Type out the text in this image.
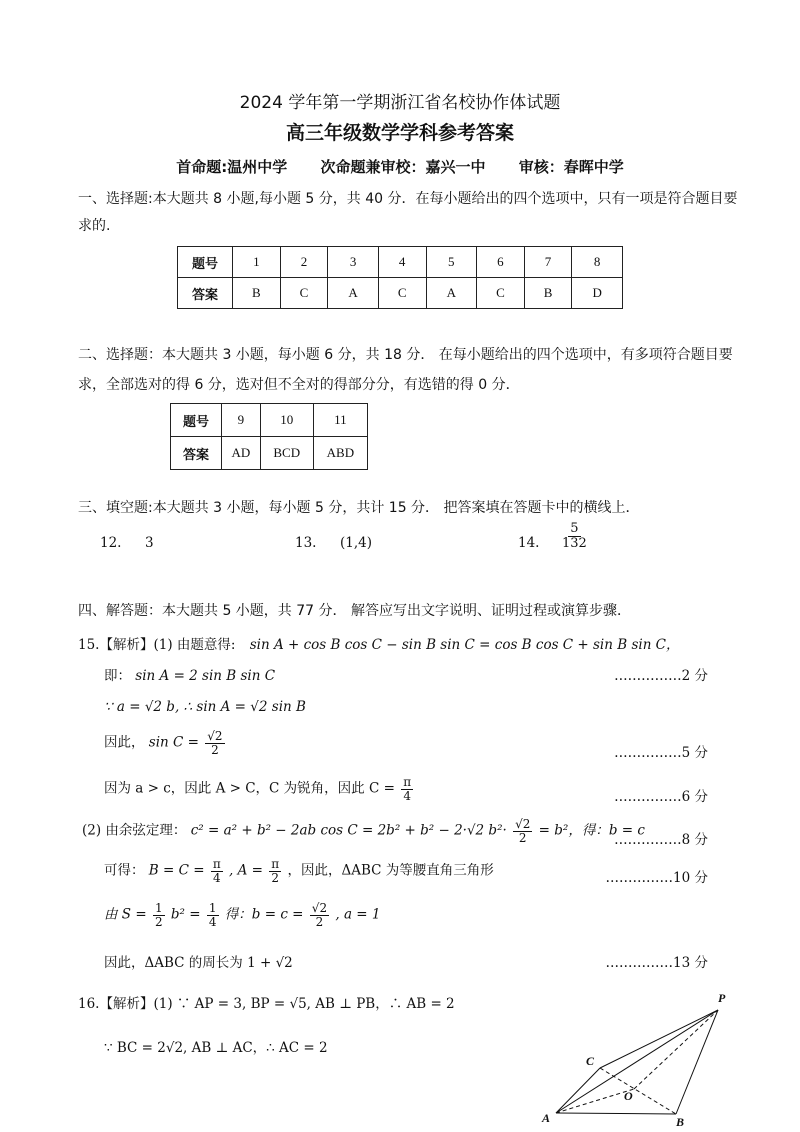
2024 学年第一学期浙江省名校协作体试题
高三年级数学学科参考答案
首命题:温州中学 次命题兼审校：嘉兴一中 审核：春晖中学
一、选择题:本大题共 8 小题,每小题 5 分，共 40 分．在每小题给出的四个选项中，只有一项是符合题目要
求的.
题号	1	2	3	4	5	6	7	8
答案	B	C	A	C	A	C	B	D
二、选择题：本大题共 3 小题，每小题 6 分，共 18 分． 在每小题给出的四个选项中，有多项符合题目要
求，全部选对的得 6 分，选对但不全对的得部分分，有选错的得 0 分．
题号	9	10	11
答案	AD	BCD	ABD
三、填空题:本大题共 3 小题，每小题 5 分，共计 15 分． 把答案填在答题卡中的横线上．
12. 3	13. (1,4)	14. $\frac{5}{132}$
四、解答题：本大题共 5 小题，共 77 分． 解答应写出文字说明、证明过程或演算步骤．
15.【解析】(1) 由题意得: sin A + cos B cos C − sin B sin C = cos B cos C + sin B sin C，
即： sin A = 2 sin B sin C	……………2 分
∵ a = √2 b, ∴ sin A = √2 sin B
因此， $\sin C = \frac{√2}{2}$	……………5 分
因为 a > c，因此 A > C，C 为锐角，因此 $C = \frac{\pi}{4}$	……………6 分
(2) 由余弦定理： c² = a² + b² − 2ab cos C = 2b² + b² − 2·√2 $b^2\cdot \frac{√2}{2} = b^2$，得：b = c
……………8 分
可得： $B = C = \frac{\pi}{4}$ , $A = \frac{\pi}{2}$ ，因此，ΔABC 为等腰直角三角形	……………10 分
由 $S = \frac{1}{2} b^2 = \frac{1}{4}$ 得：$b = c = \frac{√2}{2}$ , a = 1
因此，ΔABC 的周长为 1 + √2	……………13 分
16.【解析】(1) ∵ AP = 3, BP = √5, AB ⊥ PB，∴ AB = 2
∵ BC = 2√2, AB ⊥ AC，∴ AC = 2
P
C
O
A	B
